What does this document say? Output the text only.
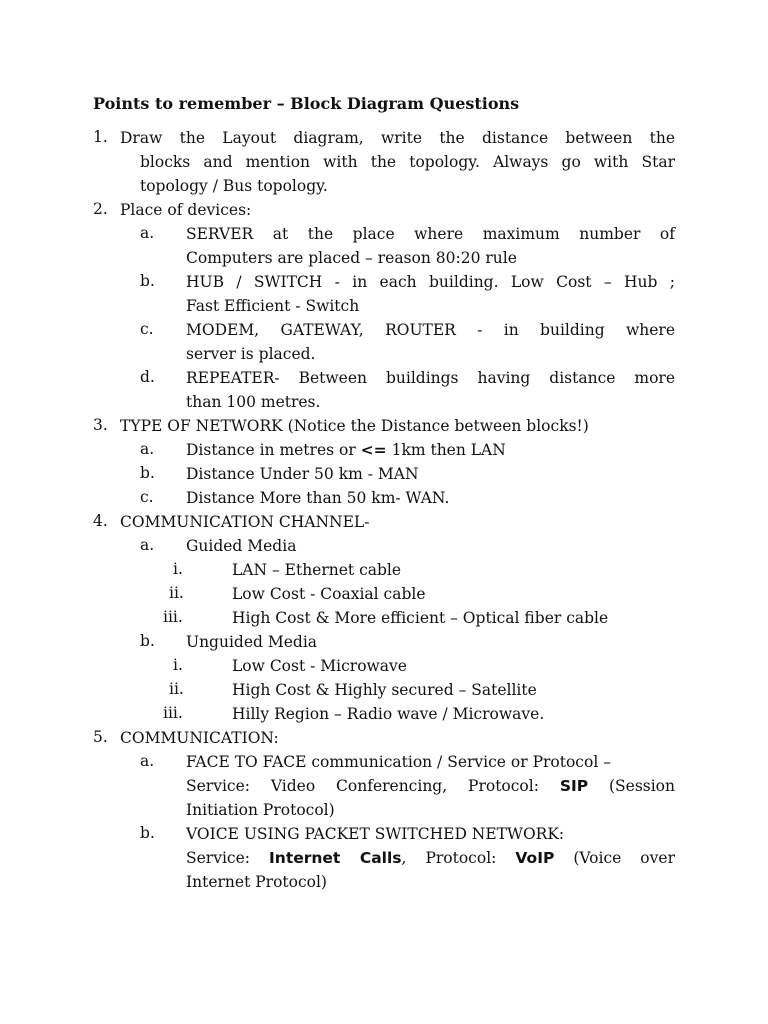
Points to remember – Block Diagram Questions
1. Draw the Layout diagram, write the distance between the
blocks and mention with the topology. Always go with Star
topology / Bus topology.
2. Place of devices:
a. SERVER at the place where maximum number of
Computers are placed – reason 80:20 rule
b. HUB / SWITCH - in each building. Low Cost – Hub ;
Fast Efficient - Switch
c. MODEM, GATEWAY, ROUTER - in building where
server is placed.
d. REPEATER- Between buildings having distance more
than 100 metres.
3. TYPE OF NETWORK (Notice the Distance between blocks!)
a. Distance in metres or <= 1km then LAN
b. Distance Under 50 km - MAN
c. Distance More than 50 km- WAN.
4. COMMUNICATION CHANNEL-
a. Guided Media
i.	LAN – Ethernet cable
ii.	Low Cost - Coaxial cable
iii.	High Cost & More efficient – Optical fiber cable
b. Unguided Media
i.	Low Cost - Microwave
ii.	High Cost & Highly secured – Satellite
iii.	Hilly Region – Radio wave / Microwave.
5. COMMUNICATION:
a. FACE TO FACE communication / Service or Protocol –
Service: Video Conferencing, Protocol: SIP (Session
Initiation Protocol)
b. VOICE USING PACKET SWITCHED NETWORK:
Service: Internet Calls, Protocol: VoIP (Voice over
Internet Protocol)
